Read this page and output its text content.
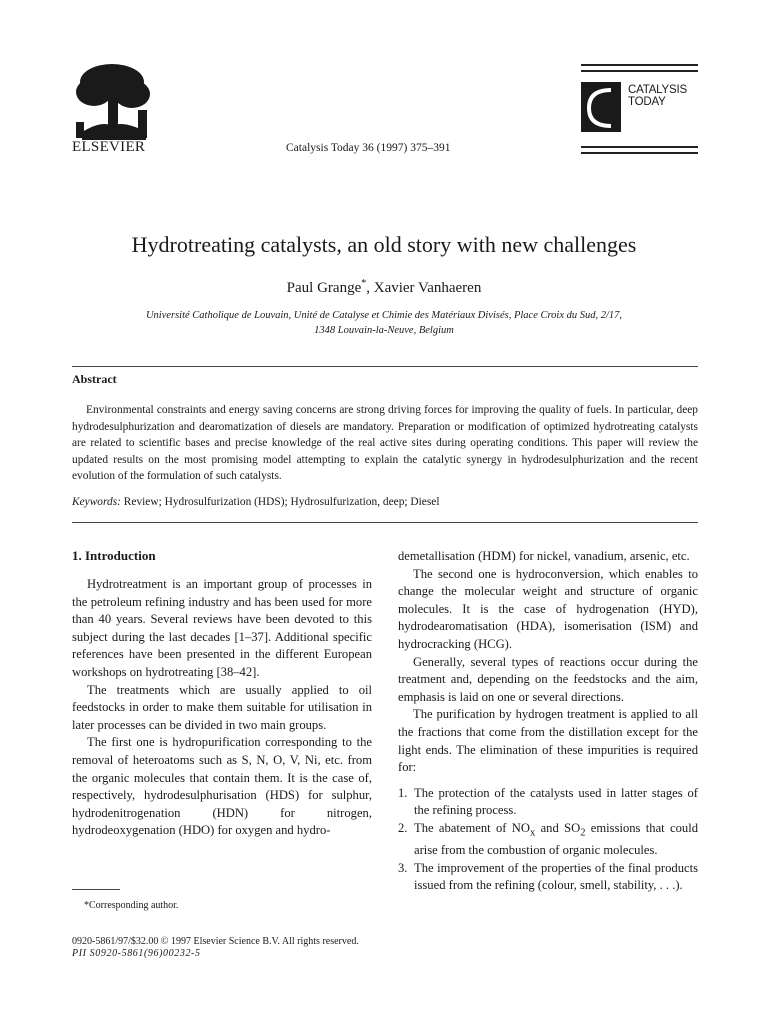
ELSEVIER	Catalysis Today 36 (1997) 375–391
CATALYSIS
TODAY
Hydrotreating catalysts, an old story with new challenges
Paul Grange*, Xavier Vanhaeren
Université Catholique de Louvain, Unité de Catalyse et Chimie des Matériaux Divisés, Place Croix du Sud, 2/17,
1348 Louvain-la-Neuve, Belgium
Abstract
Environmental constraints and energy saving concerns are strong driving forces for improving the quality of fuels. In particular, deep hydrodesulphurization and dearomatization of diesels are mandatory. Preparation or modification of optimized hydrotreating catalysts are related to scientific bases and precise knowledge of the real active sites during operating conditions. This paper will review the updated results on the most promising model attempting to explain the catalytic synergy in hydrodesulphurization and the recent evolution of the formulation of such catalysts.
Keywords: Review; Hydrosulfurization (HDS); Hydrosulfurization, deep; Diesel
1. Introduction

Hydrotreatment is an important group of processes in the petroleum refining industry and has been used for more than 40 years. Several reviews have been devoted to this subject during the last decades [1–37]. Additional specific references have been presented in the different European workshops on hydrotreating [38–42].

The treatments which are usually applied to oil feedstocks in order to make them suitable for utilisation in later processes can be divided in two main groups.

The first one is hydropurification corresponding to the removal of heteroatoms such as S, N, O, V, Ni, etc. from the organic molecules that contain them. It is the case of, respectively, hydrodesulphurisation (HDS) for sulphur, hydrodenitrogenation (HDN) for nitrogen, hydrodeoxygenation (HDO) for oxygen and hydro-

demetallisation (HDM) for nickel, vanadium, arsenic, etc.

The second one is hydroconversion, which enables to change the molecular weight and structure of organic molecules. It is the case of hydrogenation (HYD), hydrodearomatisation (HDA), isomerisation (ISM) and hydrocracking (HCG).

Generally, several types of reactions occur during the treatment and, depending on the feedstocks and the aim, emphasis is laid on one or several directions.

The purification by hydrogen treatment is applied to all the fractions that come from the distillation except for the light ends. The elimination of these impurities is required for:

1. The protection of the catalysts used in latter stages of the refining process.
2. The abatement of $NO_x$ and $SO_2$ emissions that could arise from the combustion of organic molecules.
3. The improvement of the properties of the final products issued from the refining (colour, smell, stability, . . .).
*Corresponding author.
0920-5861/97/$32.00 © 1997 Elsevier Science B.V. All rights reserved.
PII S0920-5861(96)00232-5
